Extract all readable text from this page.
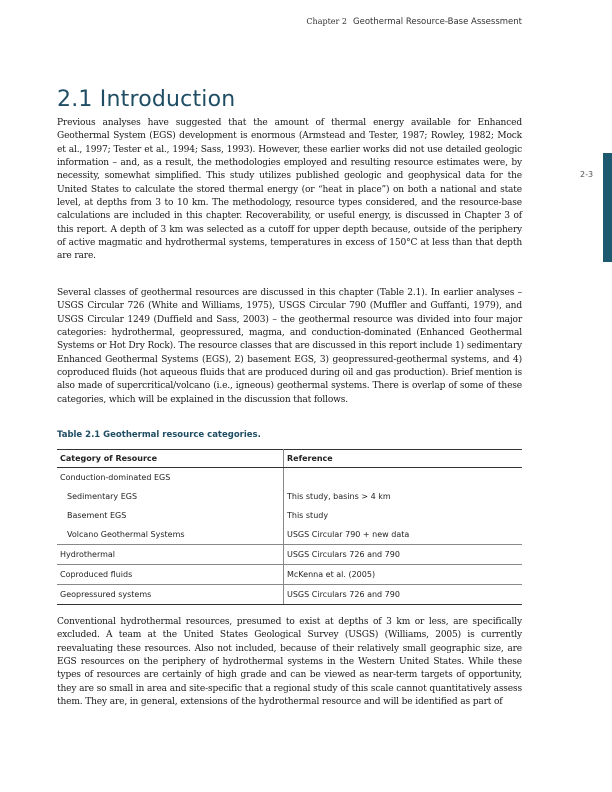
Chapter 2 Geothermal Resource-Base Assessment
2-3
2.1 Introduction

Previous analyses have suggested that the amount of thermal energy available for Enhanced Geothermal System (EGS) development is enormous (Armstead and Tester, 1987; Rowley, 1982; Mock et al., 1997; Tester et al., 1994; Sass, 1993). However, these earlier works did not use detailed geologic information – and, as a result, the methodologies employed and resulting resource estimates were, by necessity, somewhat simplified. This study utilizes published geologic and geophysical data for the United States to calculate the stored thermal energy (or “heat in place”) on both a national and state level, at depths from 3 to 10 km. The methodology, resource types considered, and the resource-base calculations are included in this chapter. Recoverability, or useful energy, is discussed in Chapter 3 of this report. A depth of 3 km was selected as a cutoff for upper depth because, outside of the periphery of active magmatic and hydrothermal systems, temperatures in excess of 150°C at less than that depth are rare.

Several classes of geothermal resources are discussed in this chapter (Table 2.1). In earlier analyses – USGS Circular 726 (White and Williams, 1975), USGS Circular 790 (Muffler and Guffanti, 1979), and USGS Circular 1249 (Duffield and Sass, 2003) – the geothermal resource was divided into four major categories: hydrothermal, geopressured, magma, and conduction-dominated (Enhanced Geothermal Systems or Hot Dry Rock). The resource classes that are discussed in this report include 1) sedimentary Enhanced Geothermal Systems (EGS), 2) basement EGS, 3) geopressured-geothermal systems, and 4) coproduced fluids (hot aqueous fluids that are produced during oil and gas production). Brief mention is also made of supercritical/volcano (i.e., igneous) geothermal systems. There is overlap of some of these categories, which will be explained in the discussion that follows.

Table 2.1 Geothermal resource categories.
Category of Resource	Reference
Conduction-dominated EGS	
Sedimentary EGS	This study, basins > 4 km
Basement EGS	This study
Volcano Geothermal Systems	USGS Circular 790 + new data
Hydrothermal	USGS Circulars 726 and 790
Coproduced fluids	McKenna et al. (2005)
Geopressured systems	USGS Circulars 726 and 790

Conventional hydrothermal resources, presumed to exist at depths of 3 km or less, are specifically excluded. A team at the United States Geological Survey (USGS) (Williams, 2005) is currently reevaluating these resources. Also not included, because of their relatively small geographic size, are EGS resources on the periphery of hydrothermal systems in the Western United States. While these types of resources are certainly of high grade and can be viewed as near-term targets of opportunity, they are so small in area and site-specific that a regional study of this scale cannot quantitatively assess them. They are, in general, extensions of the hydrothermal resource and will be identified as part of
